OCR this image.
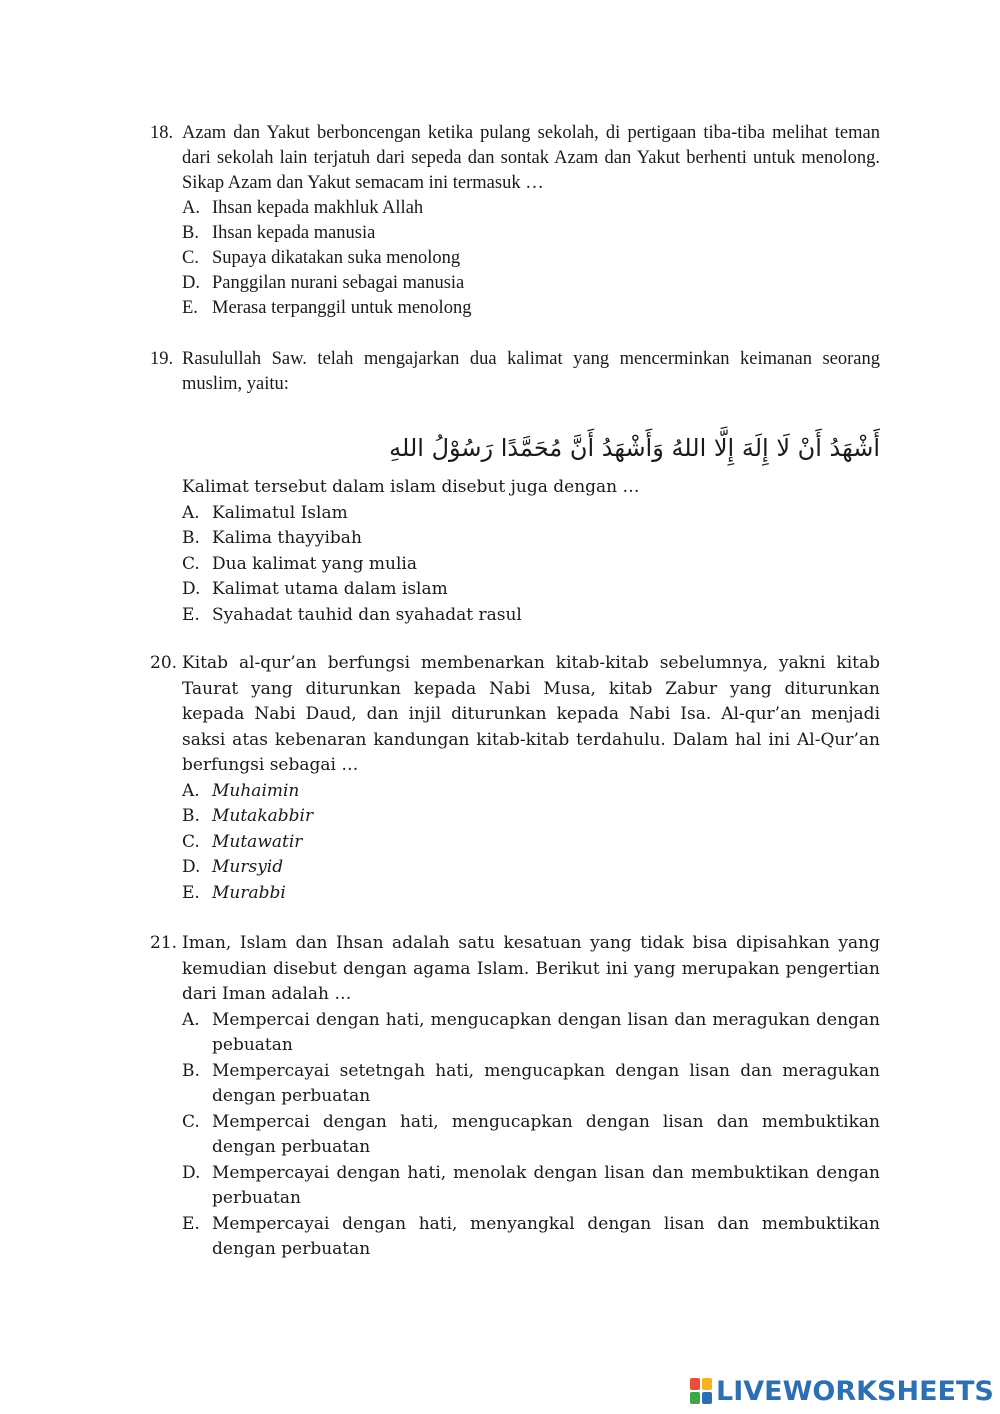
18. Azam dan Yakut berboncengan ketika pulang sekolah, di pertigaan tiba-tiba melihat teman dari sekolah lain terjatuh dari sepeda dan sontak Azam dan Yakut berhenti untuk menolong. Sikap Azam dan Yakut semacam ini termasuk …
A. Ihsan kepada makhluk Allah
B. Ihsan kepada manusia
C. Supaya dikatakan suka menolong
D. Panggilan nurani sebagai manusia
E. Merasa terpanggil untuk menolong
19. Rasulullah Saw. telah mengajarkan dua kalimat yang mencerminkan keimanan seorang muslim, yaitu:
أَشْهَدُ أَنْ لَا إِلَهَ إِلَّا اللهُ وَأَشْهَدُ أَنَّ مُحَمَّدًا رَسُوْلُ اللهِ
Kalimat tersebut dalam islam disebut juga dengan …
A. Kalimatul Islam
B. Kalima thayyibah
C. Dua kalimat yang mulia
D. Kalimat utama dalam islam
E. Syahadat tauhid dan syahadat rasul
20. Kitab al-qur’an berfungsi membenarkan kitab-kitab sebelumnya, yakni kitab Taurat yang diturunkan kepada Nabi Musa, kitab Zabur yang diturunkan kepada Nabi Daud, dan injil diturunkan kepada Nabi Isa. Al-qur’an menjadi saksi atas kebenaran kandungan kitab-kitab terdahulu. Dalam hal ini Al-Qur’an berfungsi sebagai …
A. Muhaimin
B. Mutakabbir
C. Mutawatir
D. Mursyid
E. Murabbi
21. Iman, Islam dan Ihsan adalah satu kesatuan yang tidak bisa dipisahkan yang kemudian disebut dengan agama Islam. Berikut ini yang merupakan pengertian dari Iman adalah …
A. Mempercai dengan hati, mengucapkan dengan lisan dan meragukan dengan pebuatan
B. Mempercayai setetngah hati, mengucapkan dengan lisan dan meragukan dengan perbuatan
C. Mempercai dengan hati, mengucapkan dengan lisan dan membuktikan dengan perbuatan
D. Mempercayai dengan hati, menolak dengan lisan dan membuktikan dengan perbuatan
E. Mempercayai dengan hati, menyangkal dengan lisan dan membuktikan dengan perbuatan
LIVEWORKSHEETS
